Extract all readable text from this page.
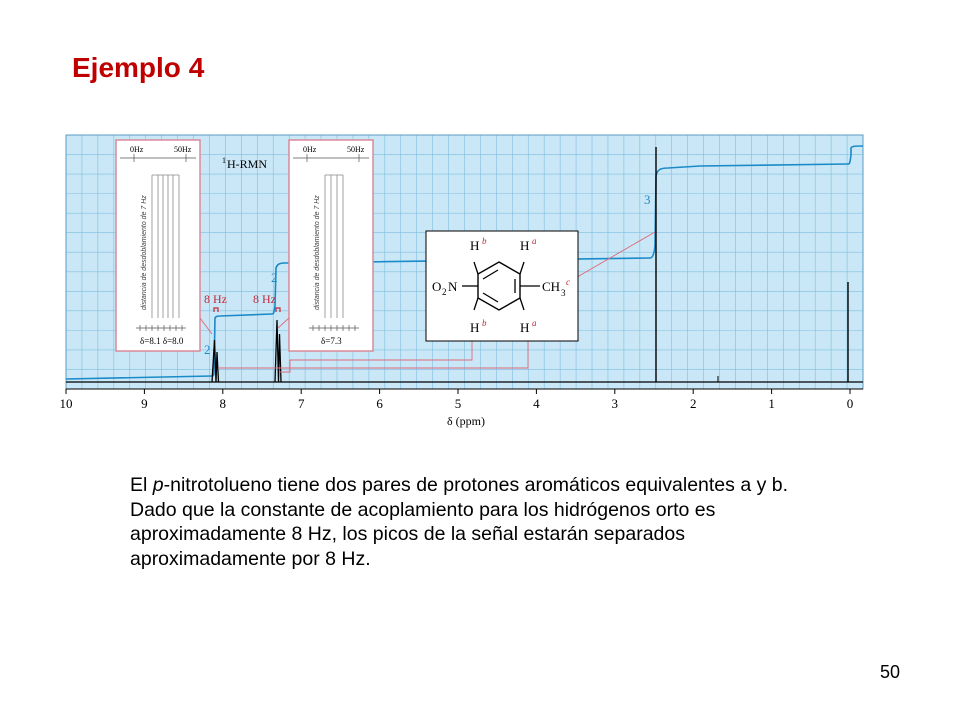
Ejemplo 4
10	9	8	7	6	5	4	3	2	1	0
δ (ppm)
1 H-RMN
2
2
3
0Hz	50Hz
distancia de desdoblamiento de 7 Hz
δ=8.1 δ=8.0
0Hz	50Hz
distancia de desdoblamiento de 7 Hz
δ=7.3
8 Hz 8 Hz
H b	H a
H b	H a
O 2 N	CH 3
c

El p-nitrotolueno tiene dos pares de protones aromáticos equivalentes a y b. Dado que la constante de acoplamiento para los hidrógenos orto es aproximadamente 8 Hz, los picos de la señal estarán separados aproximadamente por 8 Hz.

50
